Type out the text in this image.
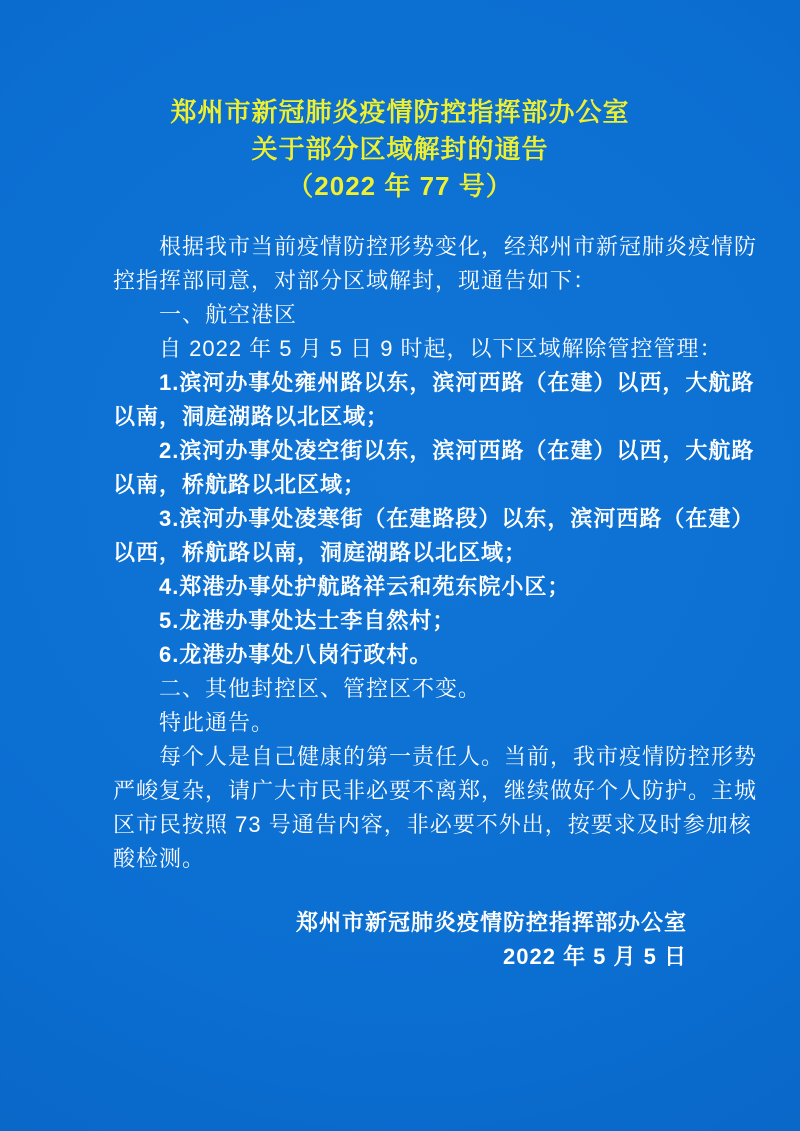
郑州市新冠肺炎疫情防控指挥部办公室
关于部分区域解封的通告
（2022 年 77 号）
根据我市当前疫情防控形势变化，经郑州市新冠肺炎疫情防
控指挥部同意，对部分区域解封，现通告如下：
一、航空港区
自 2022 年 5 月 5 日 9 时起，以下区域解除管控管理：
1.滨河办事处雍州路以东，滨河西路（在建）以西，大航路
以南，洞庭湖路以北区域；
2.滨河办事处凌空街以东，滨河西路（在建）以西，大航路
以南，桥航路以北区域；
3.滨河办事处凌寒街（在建路段）以东，滨河西路（在建）
以西，桥航路以南，洞庭湖路以北区域；
4.郑港办事处护航路祥云和苑东院小区；
5.龙港办事处达士李自然村；
6.龙港办事处八岗行政村。
二、其他封控区、管控区不变。
特此通告。
每个人是自己健康的第一责任人。当前，我市疫情防控形势
严峻复杂，请广大市民非必要不离郑，继续做好个人防护。主城
区市民按照 73 号通告内容，非必要不外出，按要求及时参加核
酸检测。
郑州市新冠肺炎疫情防控指挥部办公室
2022 年 5 月 5 日
